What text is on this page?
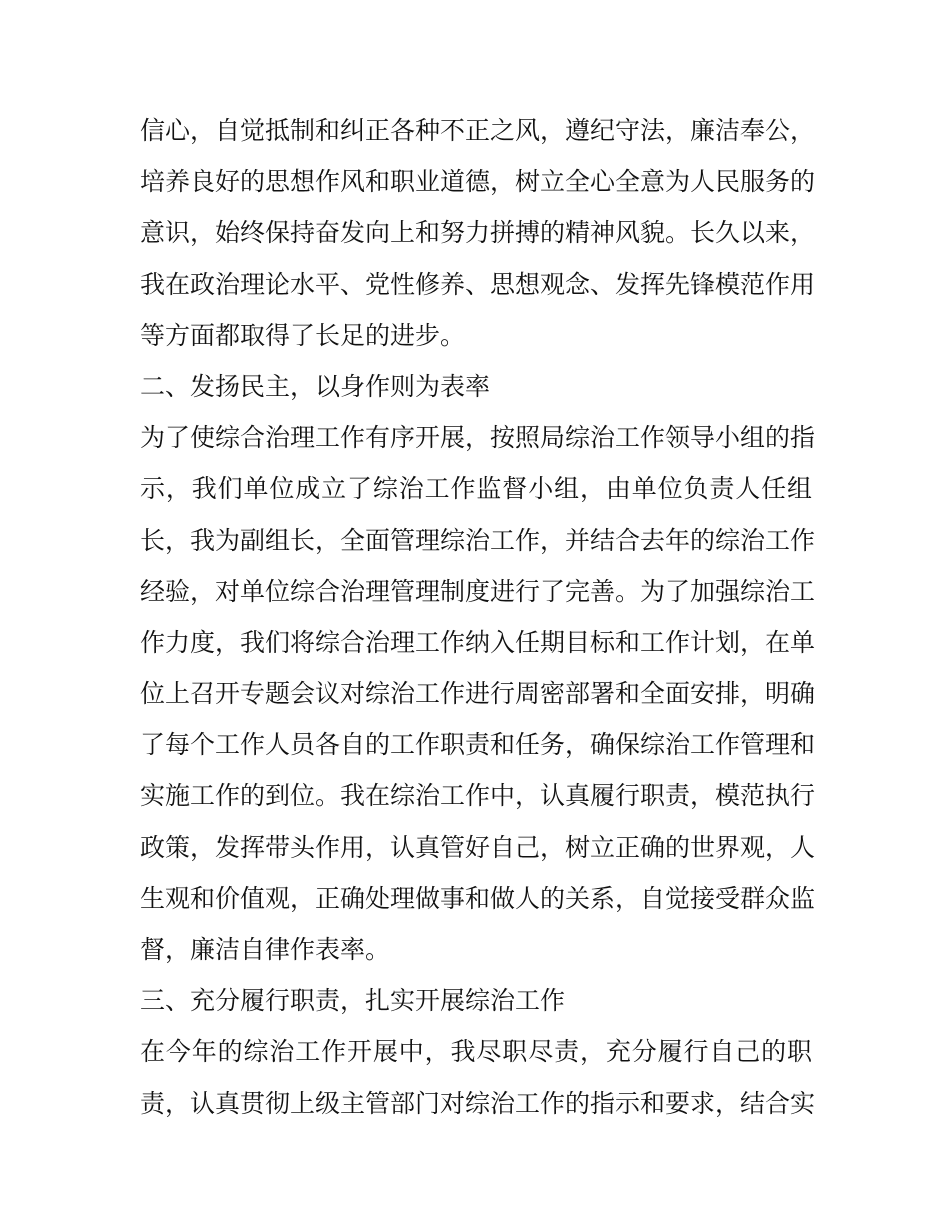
信心，自觉抵制和纠正各种不正之风，遵纪守法，廉洁奉公，
培养良好的思想作风和职业道德，树立全心全意为人民服务的
意识，始终保持奋发向上和努力拼搏的精神风貌。长久以来，
我在政治理论水平、党性修养、思想观念、发挥先锋模范作用
等方面都取得了长足的进步。
二、发扬民主，以身作则为表率
为了使综合治理工作有序开展，按照局综治工作领导小组的指
示，我们单位成立了综治工作监督小组，由单位负责人任组
长，我为副组长，全面管理综治工作，并结合去年的综治工作
经验，对单位综合治理管理制度进行了完善。为了加强综治工
作力度，我们将综合治理工作纳入任期目标和工作计划，在单
位上召开专题会议对综治工作进行周密部署和全面安排，明确
了每个工作人员各自的工作职责和任务，确保综治工作管理和
实施工作的到位。我在综治工作中，认真履行职责，模范执行
政策，发挥带头作用，认真管好自己，树立正确的世界观，人
生观和价值观，正确处理做事和做人的关系，自觉接受群众监
督，廉洁自律作表率。
三、充分履行职责，扎实开展综治工作
在今年的综治工作开展中，我尽职尽责，充分履行自己的职
责，认真贯彻上级主管部门对综治工作的指示和要求，结合实
